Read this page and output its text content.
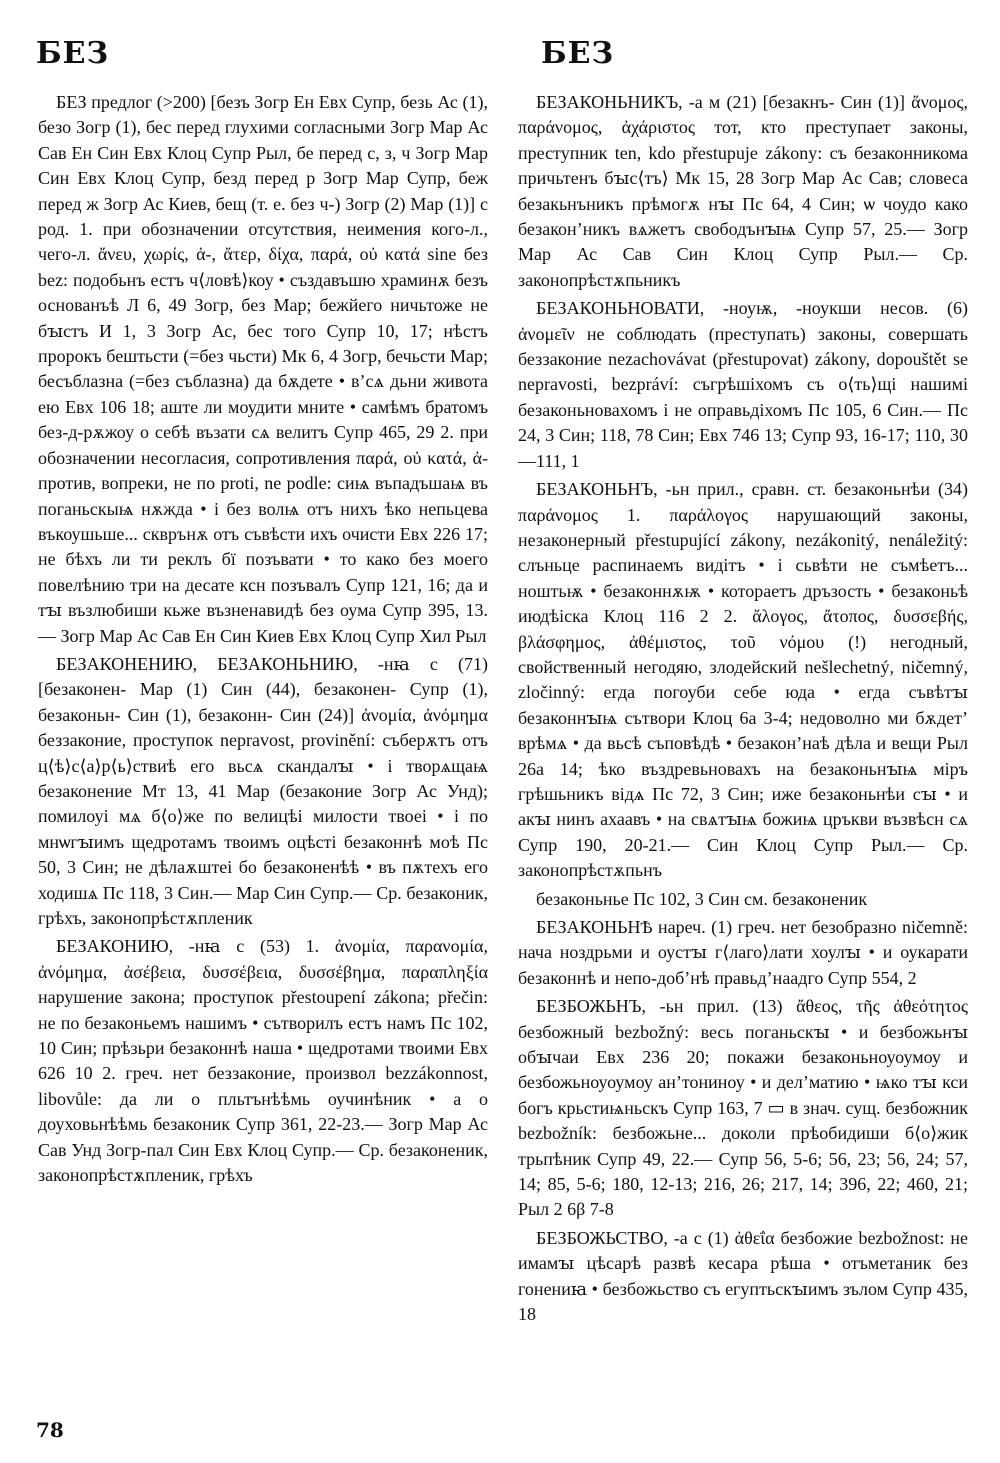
БЕЗ	БЕЗ

БЕЗ предлог (>200) [безъ Зогр Ен Евх Супр, безь Ас (1), безо Зогр (1), бес перед глухими согласными Зогр Мар Ас Сав Ен Син Евх Клоц Супр Рыл, бе перед с, з, ч Зогр Мар Син Евх Клоц Супр, безд перед р Зогр Мар Супр, беж перед ж Зогр Ас Киев, бещ (т. е. без ч-) Зогр (2) Мар (1)] с род. 1. при обозначении отсутствия, неимения кого-л., чего-л. ἄνευ, χωρίς, ἀ-, ἄτερ, δίχα, παρά, οὐ κατά sine без bez: подобьнъ естъ ч⟨ловѣ⟩коу • създавъшю храминѫ безъ основанъѣ Л 6, 49 Зогр, без Мар; бежйего ничьтоже не бꙑстъ И 1, 3 Зогр Ас, бес того Супр 10, 17; нѣстъ пророкъ бештьсти (=без чьсти) Мк 6, 4 Зогр, бечьсти Мар; бесъблазна (=без съблазна) да бѫдете • в’сѧ дьни живота ею Евх 106 18; аште ли моудити мните • самѣмъ братомъ без-д-рѫжоу о себѣ възати сѧ велитъ Супр 465, 29 2. при обозначении несогласия, сопротивления παρά, οὐ κατά, ἀ- против, вопреки, не по proti, ne podle: сиѩ въпадъшаѩ въ поганьскыѩ нѫжда • і без волѩ отъ нихъ ѣко непьцева въкоушьше... скврънѫ отъ съвѣсти ихъ очисти Евх 226 17; не бѣхъ ли ти реклъ бї позъвати • то како без моего повелѣнию три на десате ксн позъвалъ Супр 121, 16; да и тꙑ възлюбиши кьже възненавидѣ без оума Супр 395, 13.— Зогр Мар Ас Сав Ен Син Киев Евх Клоц Супр Хил Рыл

БЕЗАКОНЕНИЮ, БЕЗАКОНЬНИЮ, -нꙗ с (71) [безаконен- Мар (1) Син (44), безаконен- Супр (1), безаконьн- Син (1), безаконн- Син (24)] ἀνομία, ἀνόμημα беззаконие, проступок nepravost, provinění: съберѫтъ отъ ц⟨ѣ⟩с⟨а⟩р⟨ь⟩ствиѣ его вьсѧ скандалꙑ • і творѧщаѩ безаконение Мт 13, 41 Мар (безаконие Зогр Ас Унд); помилоуі мѧ б⟨о⟩же по велицѣі милости твоеі • і по мнѡгꙑимъ щедротамъ твоимъ оцѣсті безаконнѣ моѣ Пс 50, 3 Син; не дѣлаѫштеі бо безаконенѣѣ • въ пѫтехъ его ходишѧ Пс 118, 3 Син.— Мар Син Супр.— Ср. безаконик, грѣхъ, законопрѣстѫпленик

БЕЗАКОНИЮ, -нꙗ с (53) 1. ἀνομία, παρανομία, ἀνόμημα, ἀσέβεια, δυσσέβεια, δυσσέβημα, παραπληξία нарушение закона; проступок přestoupení zákona; přečin: не по безаконьемъ нашимъ • сътворилъ естъ намъ Пс 102, 10 Син; прѣзьри безаконнѣ наша • щедротами твоими Евх 626 10 2. греч. нет беззаконие, произвол bezzákonnost, libovůle: да ли о пльтънѣѣмь оучинѣник • а о доуховьнѣѣмь безаконик Супр 361, 22-23.— Зогр Мар Ас Сав Унд Зогр-пал Син Евх Клоц Супр.— Ср. безаконеник, законопрѣстѫпленик, грѣхъ

БЕЗАКОНЬНИКЪ, -а м (21) [безакнъ- Син (1)] ἄνομος, παράνομος, ἀχάριστος тот, кто преступает законы, преступник ten, kdo přestupuje zákony: съ безаконникома причьтенъ бꙑс⟨тъ⟩ Мк 15, 28 Зогр Мар Ас Сав; словеса безакьнъникъ прѣмогѫ нꙑ Пс 64, 4 Син; ѡ чоудо како безакон’никъ вѧжетъ свободънꙑѩ Супр 57, 25.— Зогр Мар Ас Сав Син Клоц Супр Рыл.— Ср. законопрѣстѫпьникъ

БЕЗАКОНЬНОВАТИ, -ноуѭ, -ноукши несов. (6) ἀνομεῖν не соблюдать (преступать) законы, совершать беззаконие nezachovávat (přestupovat) zákony, dopouštět se nepravosti, bezpráví: съгрѣшіхомъ съ о⟨ть⟩щі нашимі безаконьновахомъ і не оправьдіхомъ Пс 105, 6 Син.— Пс 24, 3 Син; 118, 78 Син; Евх 746 13; Супр 93, 16-17; 110, 30—111, 1

БЕЗАКОНЬНЪ, -ьн прил., сравн. ст. безаконьнѣи (34) παράνομος 1. παράλογος нарушающий законы, незаконерный přestupující zákony, nezákonitý, nenáležitý: слъньце распинаемъ видітъ • і сьвѣти не съмѣетъ... ноштьѭ • безаконнѫѭ • котораетъ дръзость • безаконьѣ июдѣіска Клоц 116 2 2. ἄλογος, ἄτοπος, δυσσεβής, βλάσφημος, ἀθέμιστος, τοῦ νόμου (!) негодный, свойственный негодяю, злодейский nešlechetný, ničemný, zločinný: егда погоуби себе юда • егда съвѣтꙑ безаконнꙑѩ сътвори Клоц 6а 3-4; недоволно ми бѫдет’ врѣмѧ • да вьсѣ съповѣдѣ • безакон’наѣ дѣла и вещи Рыл 26а 14; ѣко въздревьновахъ на безаконьнꙑѩ міръ грѣшьникъ відѧ Пс 72, 3 Син; иже безаконьнѣи сꙑ • и акꙑ нинъ ахаавъ • на свѧтꙑѩ божиѩ цръкви възвѣсн сѧ Супр 190, 20-21.— Син Клоц Супр Рыл.— Ср. законопрѣстѫпьнъ

безаконьнье Пс 102, 3 Син см. безаконеник

БЕЗАКОНЬНѢ нареч. (1) греч. нет безобразно ničemně: нача ноздрьми и оустꙑ г⟨лаго⟩лати хоулꙑ • и оукарати безаконнѣ и непо-доб’нѣ правьд’наадго Супр 554, 2

БЕЗБОЖЬНЪ, -ьн прил. (13) ἄθεος, τῆς ἀθεότητος безбожный bezbožný: весь поганьскꙑ • и безбожьнꙑ обꙑчаи Евх 236 20; покажи безаконьноуоумоу и безбожьноуоумоу ан’тониноу • и дел’матию • ѩко тꙑ кси богъ крьстиѩньскъ Супр 163, 7 ▭ в знач. сущ. безбожник bezbožník: безбожьне... доколи прѣобидиши б⟨о⟩жик трьпѣник Супр 49, 22.— Супр 56, 5-6; 56, 23; 56, 24; 57, 14; 85, 5-6; 180, 12-13; 216, 26; 217, 14; 396, 22; 460, 21; Рыл 2 6β 7-8

БЕЗБОЖЬСТВО, -а с (1) ἀθεΐα безбожие bezbožnost: не имамꙑ цѣсарѣ развѣ кесара рѣша • отъметаник без гонениꙗ • безбожьство съ егуптьскꙑимъ зълом Супр 435, 18

78
